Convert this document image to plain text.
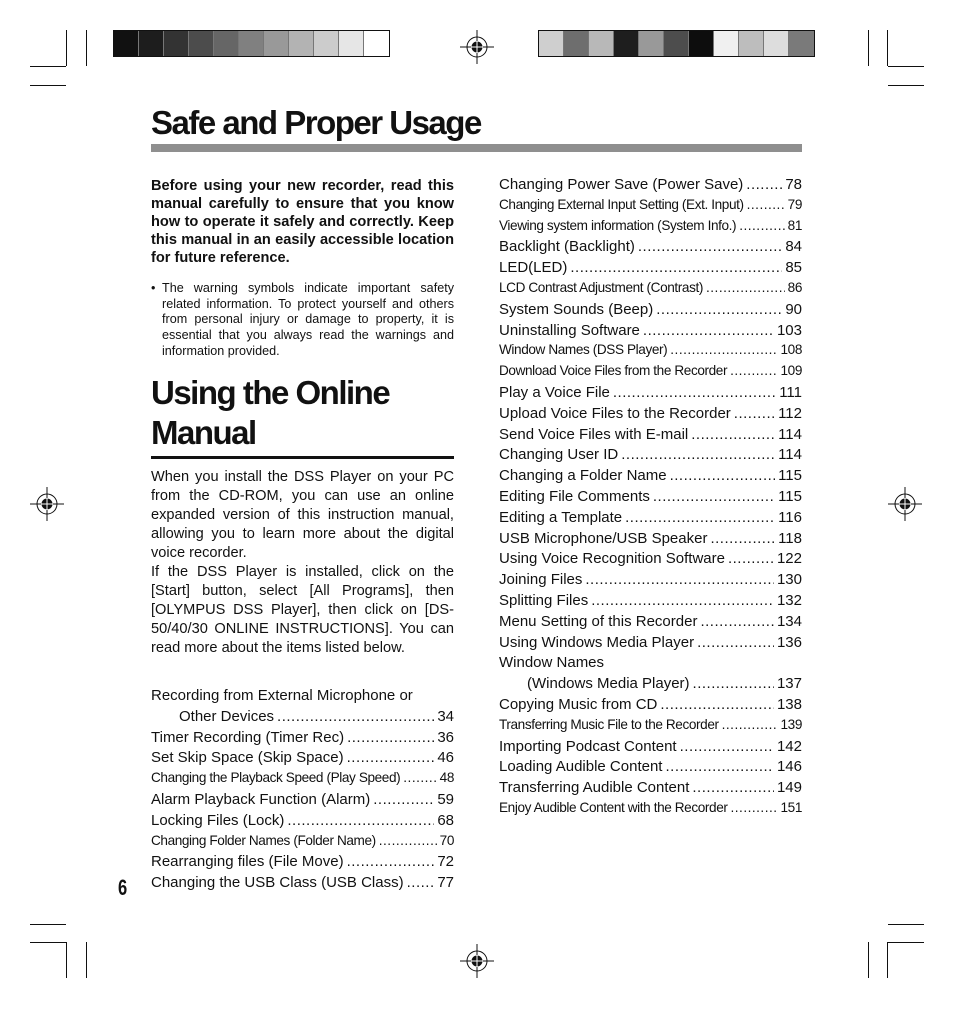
Safe and Proper Usage
Before using your new recorder, read this manual carefully to ensure that you know how to operate it safely and correctly. Keep this manual in an easily accessible location for future reference.
• The warning symbols indicate important safety related information. To protect yourself and others from personal injury or damage to property, it is essential that you always read the warnings and information provided.
Using the Online
Manual
When you install the DSS Player on your PC from the CD-ROM, you can use an online expanded version of this instruction manual, allowing you to learn more about the digital voice recorder.
If the DSS Player is installed, click on the [Start] button, select [All Programs], then [OLYMPUS DSS Player], then click on [DS-50/40/30 ONLINE INSTRUCTIONS]. You can read more about the items listed below.
Recording from External Microphone or
Other Devices .....	34
Timer Recording (Timer Rec) .....	36
Set Skip Space (Skip Space) .....	46
Changing the Playback Speed (Play Speed) .....	48
Alarm Playback Function (Alarm) .....	59
Locking Files (Lock) .....	68
Changing Folder Names (Folder Name) .....	70
Rearranging files (File Move) .....	72
Changing the USB Class (USB Class) ..... 77
Changing Power Save (Power Save) .....	78
Changing External Input Setting (Ext. Input) .....	79
Viewing system information (System Info.) .....	81
Backlight (Backlight) .....	84
LED(LED) .....	85
LCD Contrast Adjustment (Contrast) .....	86
System Sounds (Beep) .....	90
Uninstalling Software .....	103
Window Names (DSS Player) .....	108
Download Voice Files from the Recorder .....	109
Play a Voice File .....	111
Upload Voice Files to the Recorder .....	112
Send Voice Files with E-mail .....	114
Changing User ID .....	114
Changing a Folder Name .....	115
Editing File Comments .....	115
Editing a Template .....	116
USB Microphone/USB Speaker .....	118
Using Voice Recognition Software .....	122
Joining Files .....	130
Splitting Files .....	132
Menu Setting of this Recorder .....	134
Using Windows Media Player .....	136
Window Names
(Windows Media Player) .....	137
Copying Music from CD .....	138
Transferring Music File to the Recorder .....	139
Importing Podcast Content .....	142
Loading Audible Content .....	146
Transferring Audible Content .....	149
Enjoy Audible Content with the Recorder .....	151
6
